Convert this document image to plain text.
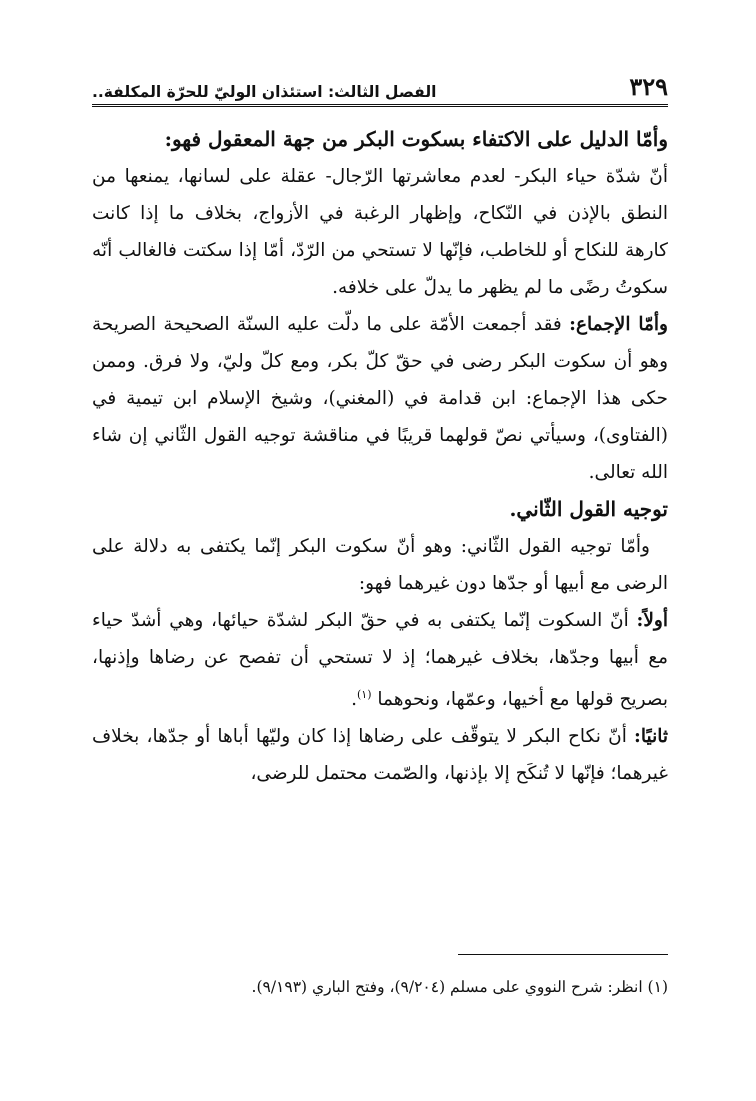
٣٢٩
الفصل الثالث: استئذان الوليّ للحرّة المكلفة..

وأمّا الدليل على الاكتفاء بسكوت البكر من جهة المعقول فهو:

أنّ شدّة حياء البكر- لعدم معاشرتها الرّجال- عقلة على لسانها، يمنعها من النطق بالإذن في النّكاح، وإظهار الرغبة في الأزواج، بخلاف ما إذا كانت كارهة للنكاح أو للخاطب، فإنّها لا تستحي من الرّدّ، أمّا إذا سكتت فالغالب أنّه سكوتُ رضًى ما لم يظهر ما يدلّ على خلافه.

وأمّا الإجماع: فقد أجمعت الأمّة على ما دلّت عليه السنّة الصحيحة الصريحة وهو أن سكوت البكر رضى في حقّ كلّ بكر، ومع كلّ وليّ، ولا فرق. وممن حكى هذا الإجماع: ابن قدامة في (المغني)، وشيخ الإسلام ابن تيمية في (الفتاوى)، وسيأتي نصّ قولهما قريبًا في مناقشة توجيه القول الثّاني إن شاء الله تعالى.

توجيه القول الثّاني.

وأمّا توجيه القول الثّاني: وهو أنّ سكوت البكر إنّما يكتفى به دلالة على الرضى مع أبيها أو جدّها دون غيرهما فهو:

أولاً: أنّ السكوت إنّما يكتفى به في حقّ البكر لشدّة حيائها، وهي أشدّ حياء مع أبيها وجدّها، بخلاف غيرهما؛ إذ لا تستحي أن تفصح عن رضاها وإذنها، بصريح قولها مع أخيها، وعمّها، ونحوهما $^{(١)}$.

ثانيًا: أنّ نكاح البكر لا يتوقّف على رضاها إذا كان وليّها أباها أو جدّها، بخلاف غيرهما؛ فإنّها لا تُنكَح إلا بإذنها، والصّمت محتمل للرضى،

(١) انظر: شرح النووي على مسلم (٩/٢٠٤)، وفتح الباري (٩/١٩٣).
